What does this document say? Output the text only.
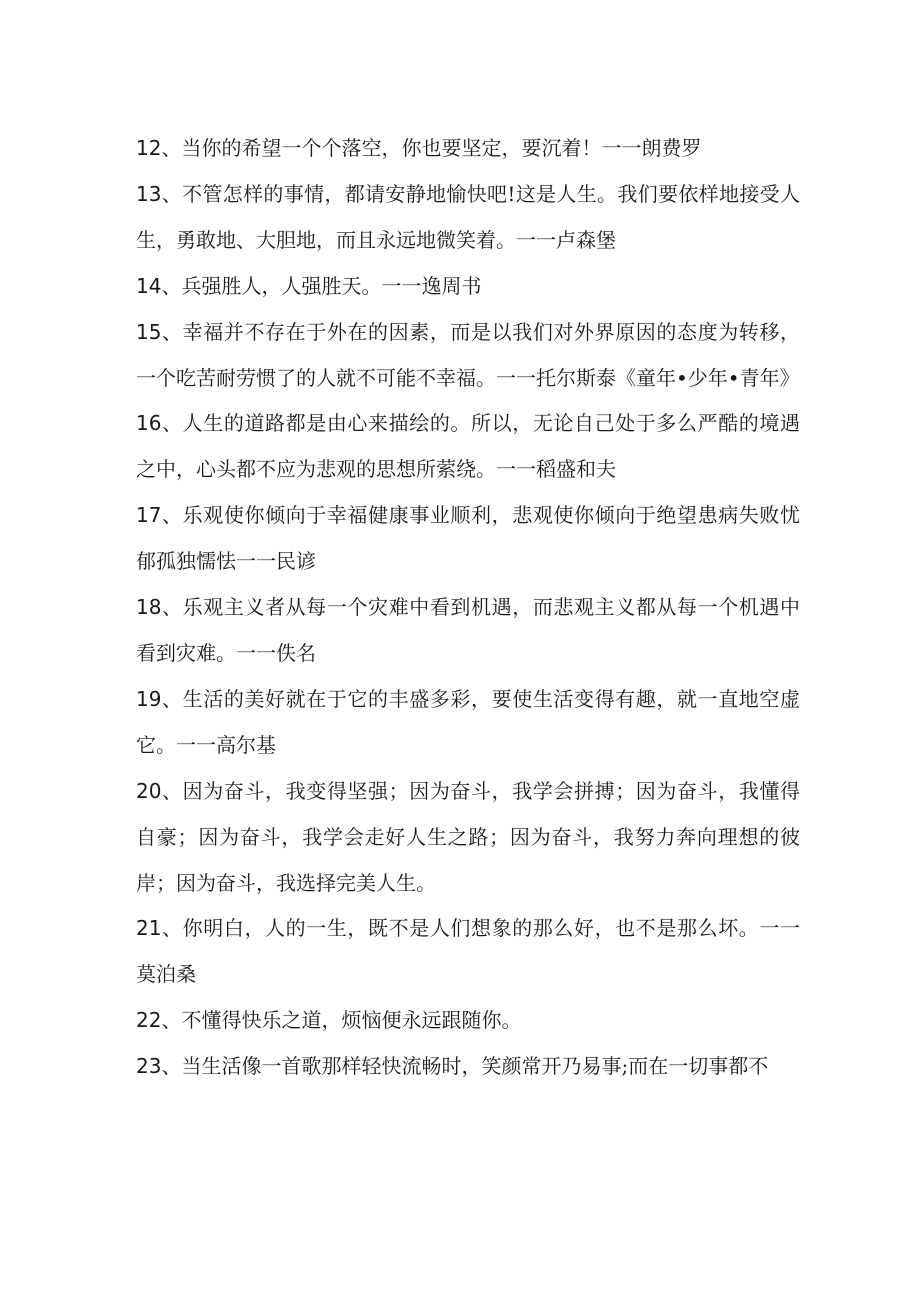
12、当你的希望一个个落空，你也要坚定，要沉着！一一朗费罗

13、不管怎样的事情，都请安静地愉快吧!这是人生。我们要依样地接受人生，勇敢地、大胆地，而且永远地微笑着。一一卢森堡

14、兵强胜人，人强胜天。一一逸周书

15、幸福并不存在于外在的因素，而是以我们对外界原因的态度为转移，一个吃苦耐劳惯了的人就不可能不幸福。一一托尔斯泰《童年•少年•青年》

16、人生的道路都是由心来描绘的。所以，无论自己处于多么严酷的境遇之中，心头都不应为悲观的思想所萦绕。一一稻盛和夫

17、乐观使你倾向于幸福健康事业顺利，悲观使你倾向于绝望患病失败忧郁孤独懦怯一一民谚

18、乐观主义者从每一个灾难中看到机遇，而悲观主义都从每一个机遇中看到灾难。一一佚名

19、生活的美好就在于它的丰盛多彩，要使生活变得有趣，就一直地空虚它。一一高尔基

20、因为奋斗，我变得坚强；因为奋斗，我学会拼搏；因为奋斗，我懂得自豪；因为奋斗，我学会走好人生之路；因为奋斗，我努力奔向理想的彼岸；因为奋斗，我选择完美人生。

21、你明白，人的一生，既不是人们想象的那么好，也不是那么坏。一一莫泊桑

22、不懂得快乐之道，烦恼便永远跟随你。

23、当生活像一首歌那样轻快流畅时，笑颜常开乃易事;而在一切事都不
